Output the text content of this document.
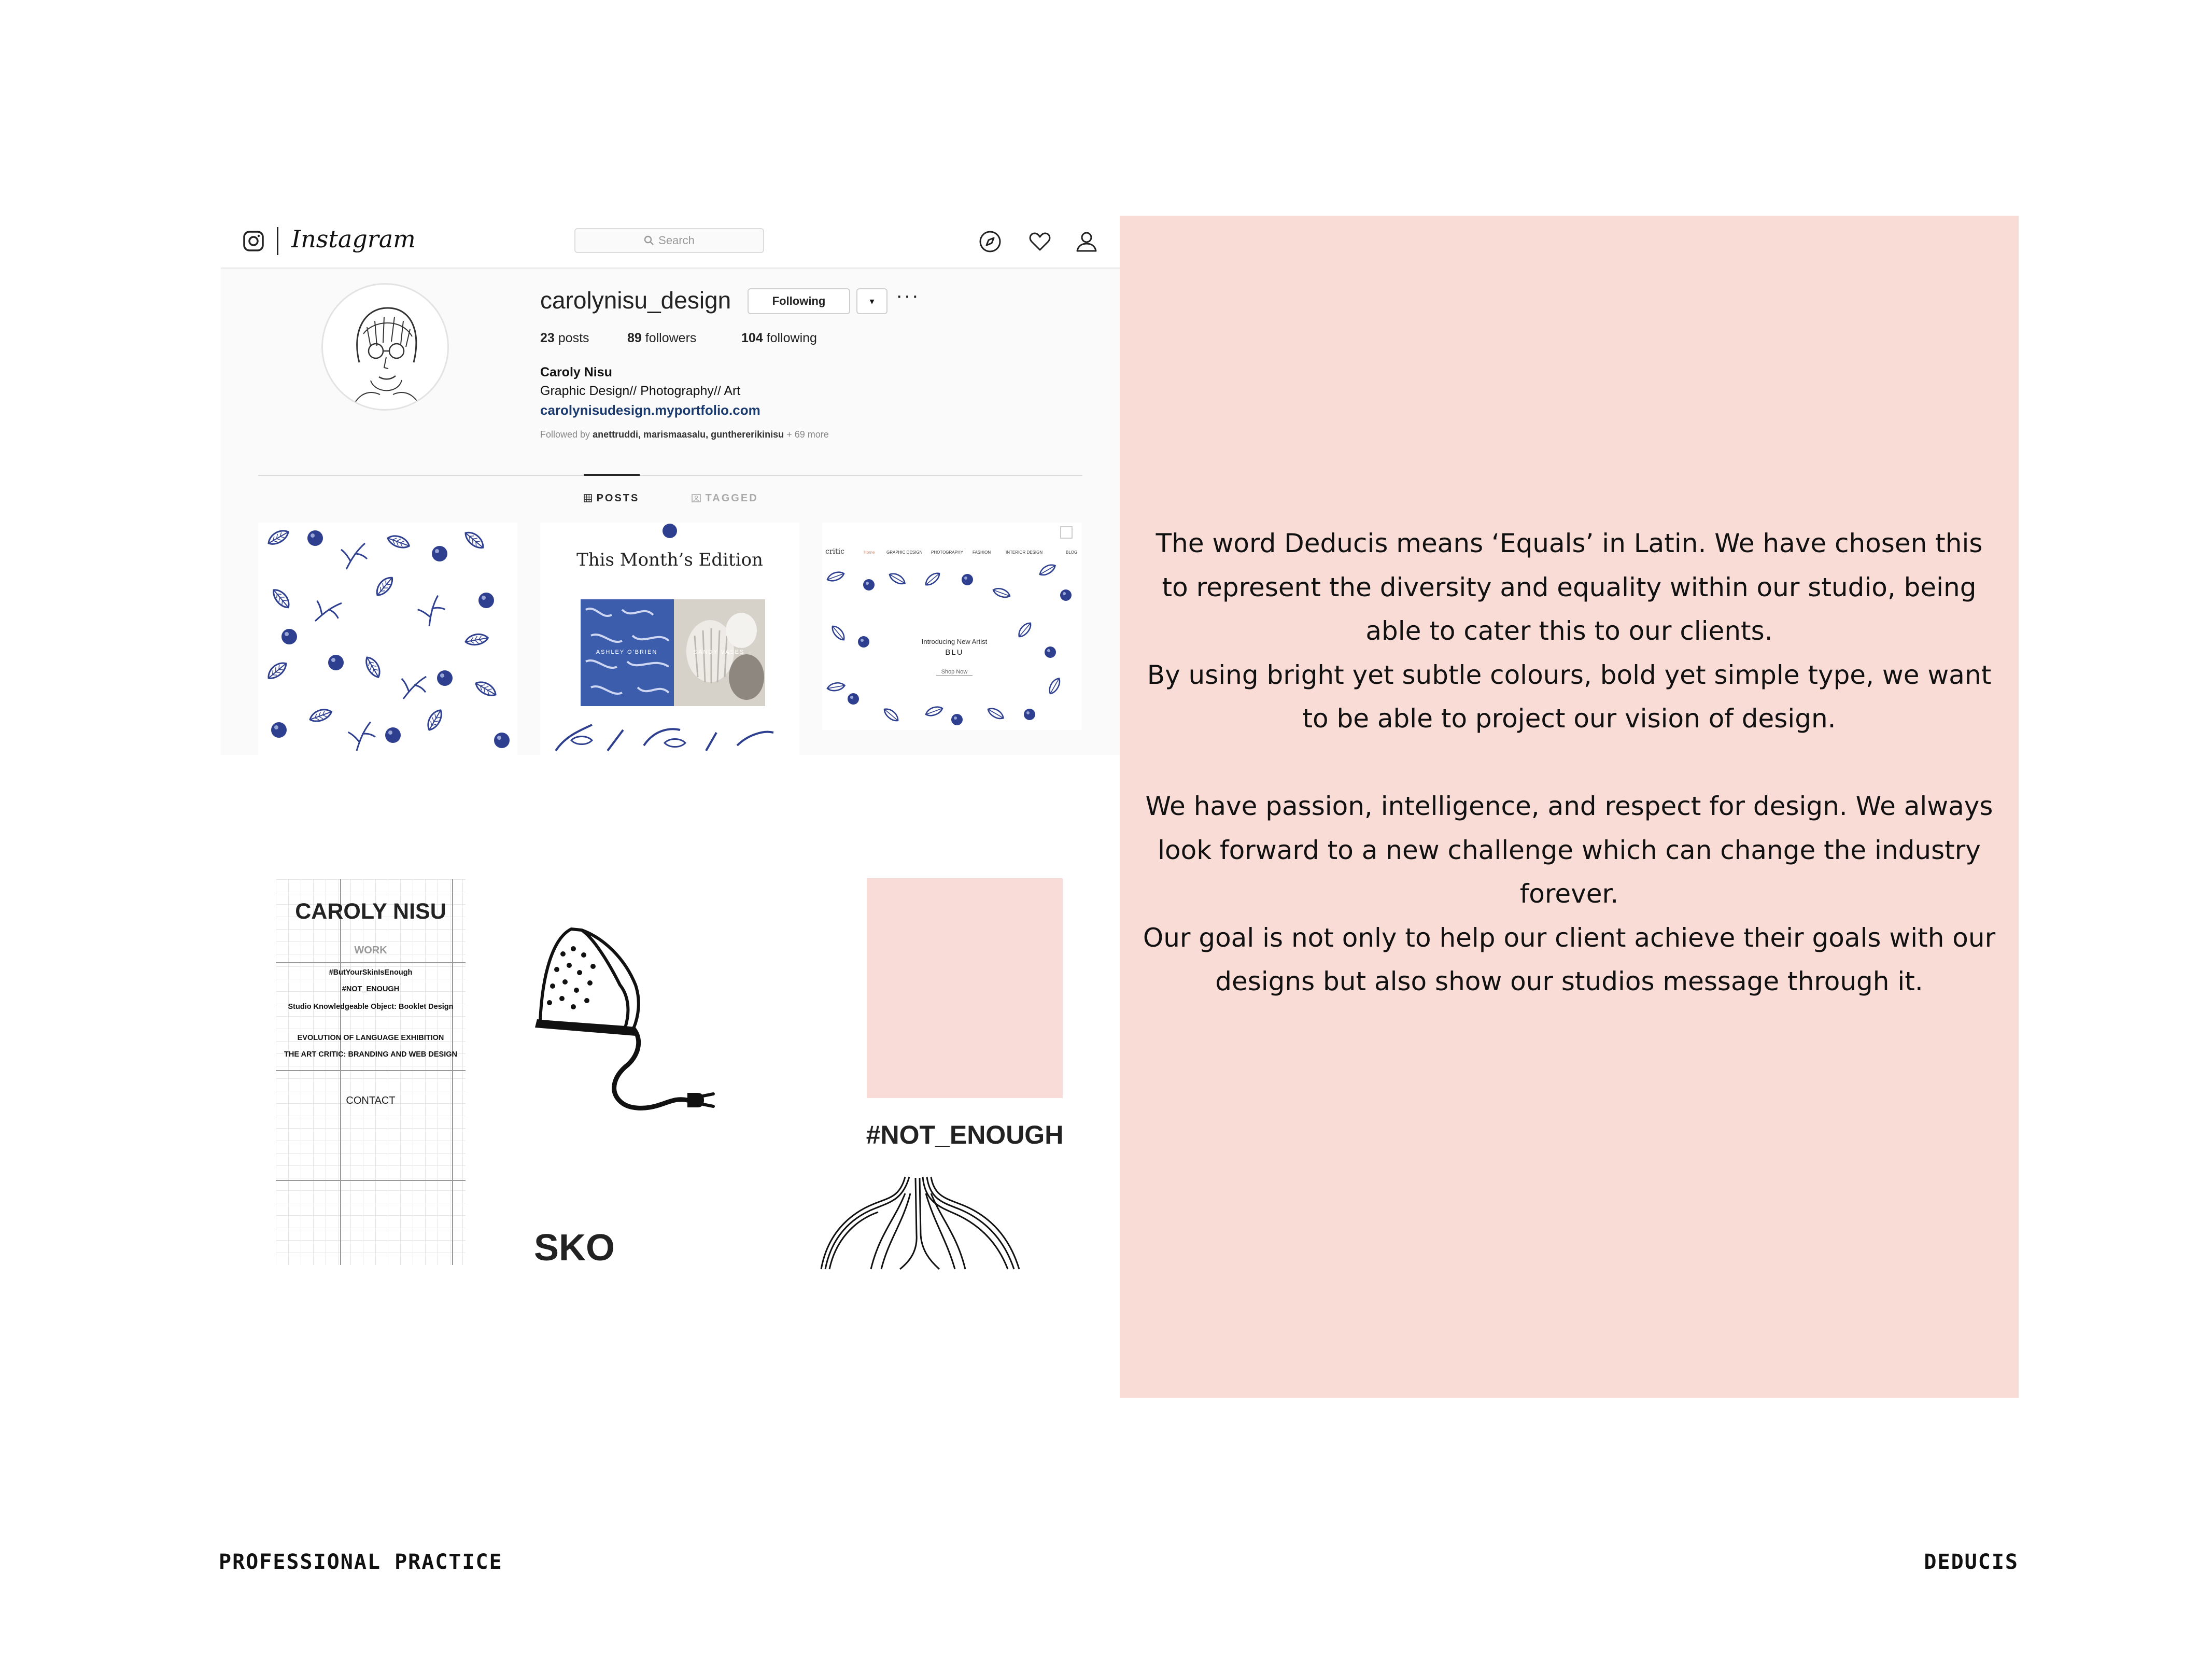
Instagram	Search
carolynisu_design	Following	▾ ···
23 posts	89 followers	104 following
Caroly Nisu
Graphic Design// Photography// Art
carolynisudesign.myportfolio.com
Followed by anettruddi, marismaasalu, gunthererikinisu + 69 more
POSTS	TAGGED
This Month’s Edition
ASHLEY O'BRIEN	SANDY VASES
critic	Home	GRAPHIC DESIGN PHOTOGRAPHY FASHION	INTERIOR DESIGN	BLOG
Introducing New Artist
BLU
Shop Now
CAROLY NISU
WORK
#ButYourSkinIsEnough
#NOT_ENOUGH
Studio Knowledgeable Object: Booklet Design
EVOLUTION OF LANGUAGE EXHIBITION
THE ART CRITIC: BRANDING AND WEB DESIGN
CONTACT
#NOT_ENOUGH
SKO
The word Deducis means ‘Equals’ in Latin. We have chosen this to represent the diversity and equality within our studio, being able to cater this to our clients.
By using bright yet subtle colours, bold yet simple type, we want to be able to project our vision of design.
We have passion, intelligence, and respect for design. We always look forward to a new challenge which can change the industry forever.
Our goal is not only to help our client achieve their goals with our designs but also show our studios message through it.
PROFESSIONAL PRACTICE	DEDUCIS
